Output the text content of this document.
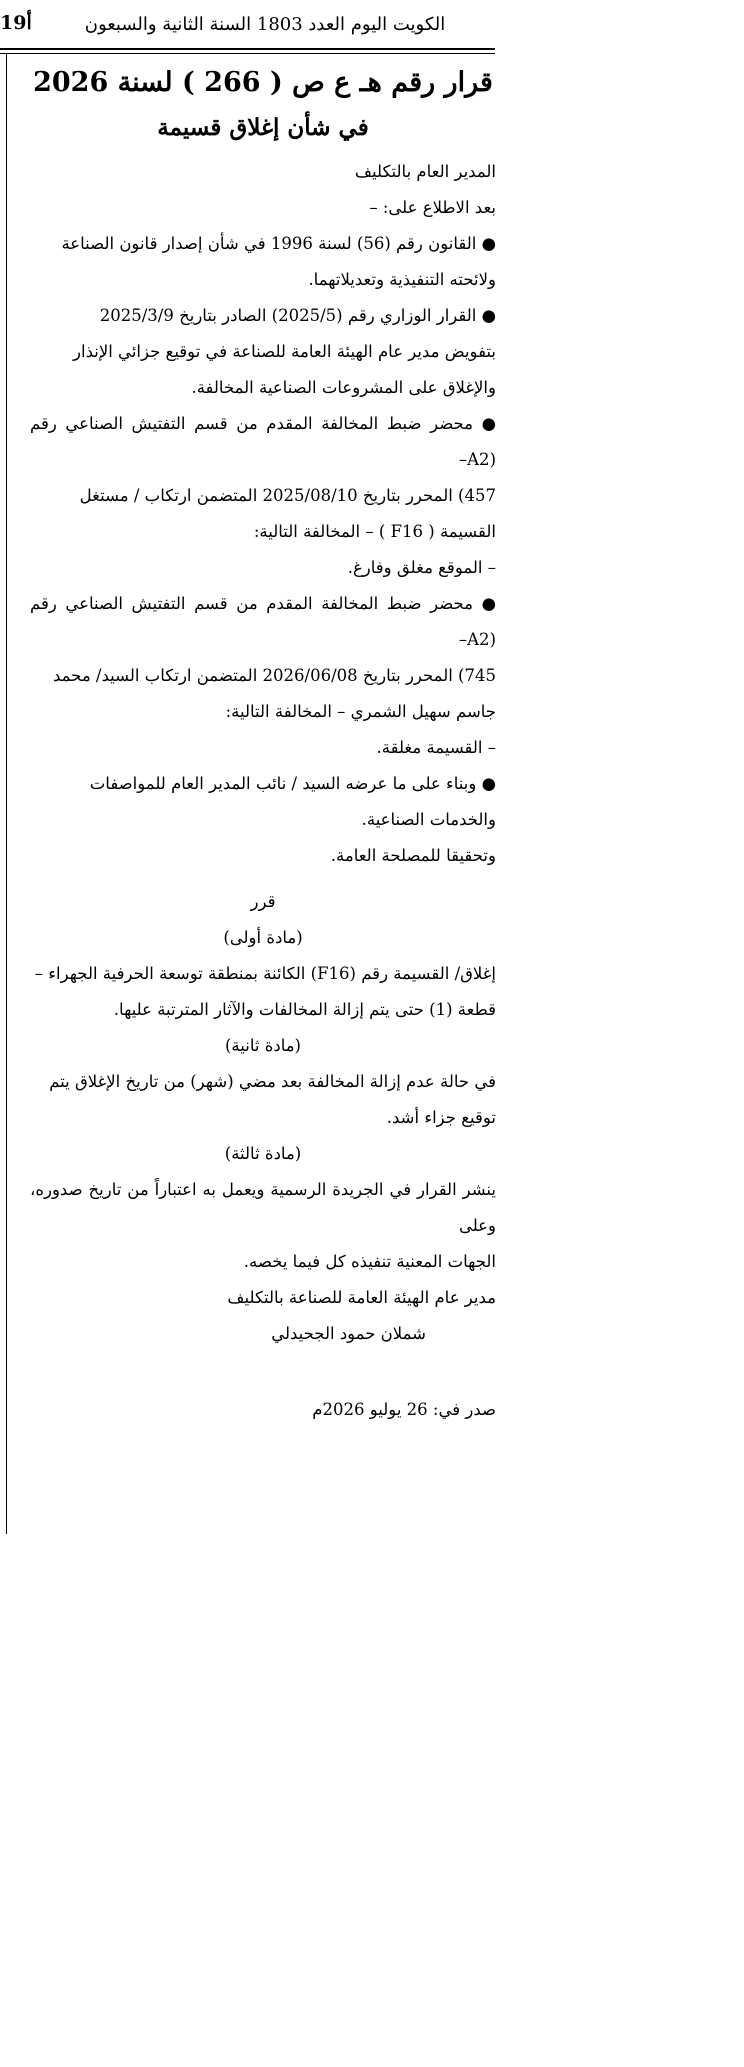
19أ	الكويت اليوم العدد 1803 السنة الثانية والسبعون

قرار رقم هـ ع ص ( 266 ) لسنة 2026

في شأن إغلاق قسيمة

المدير العام بالتكليف

بعد الاطلاع على: –

● القانون رقم (56) لسنة 1996 في شأن إصدار قانون الصناعة

ولائحته التنفيذية وتعديلاتهما.

● القرار الوزاري رقم (2025/5) الصادر بتاريخ 2025/3/9

بتفويض مدير عام الهيئة العامة للصناعة في توقيع جزائي الإنذار

والإغلاق على المشروعات الصناعية المخالفة.

● محضر ضبط المخالفة المقدم من قسم التفتيش الصناعي رقم (A2–

457) المحرر بتاريخ 2025/08/10 المتضمن ارتكاب / مستغل

القسيمة ( F16 ) – المخالفة التالية:

– الموقع مغلق وفارغ.

● محضر ضبط المخالفة المقدم من قسم التفتيش الصناعي رقم (A2–

745) المحرر بتاريخ 2026/06/08 المتضمن ارتكاب السيد/ محمد

جاسم سهيل الشمري – المخالفة التالية:

– القسيمة مغلقة.

● وبناء على ما عرضه السيد / نائب المدير العام للمواصفات

والخدمات الصناعية.

وتحقيقا للمصلحة العامة.

قرر

(مادة أولى)

إغلاق/ القسيمة رقم (F16) الكائنة بمنطقة توسعة الحرفية الجهراء –

قطعة (1) حتى يتم إزالة المخالفات والآثار المترتبة عليها.

(مادة ثانية)

في حالة عدم إزالة المخالفة بعد مضي (شهر) من تاريخ الإغلاق يتم

توقيع جزاء أشد.

(مادة ثالثة)

ينشر القرار في الجريدة الرسمية ويعمل به اعتباراً من تاريخ صدوره، وعلى

الجهات المعنية تنفيذه كل فيما يخصه.

مدير عام الهيئة العامة للصناعة بالتكليف

شملان حمود الجحيدلي

صدر في: 26 يوليو 2026م
